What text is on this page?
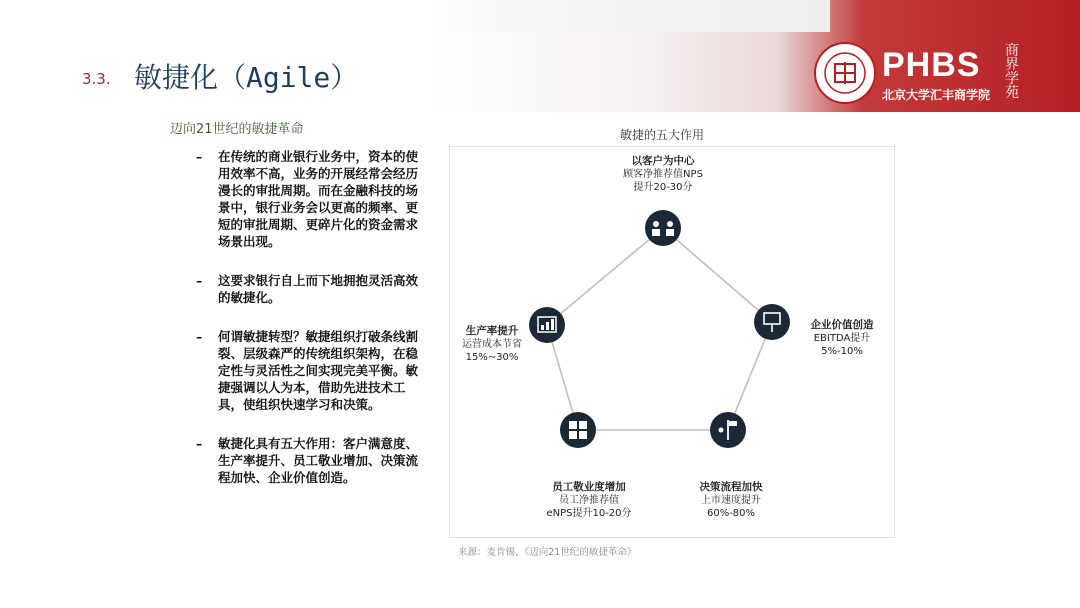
PHBS
北京大学汇丰商学院
商界学苑
3.3. 敏捷化（Agile）
迈向21世纪的敏捷革命
– 在传统的商业银行业务中，资本的使用效率不高，业务的开展经常会经历漫长的审批周期。而在金融科技的场景中，银行业务会以更高的频率、更短的审批周期、更碎片化的资金需求场景出现。
– 这要求银行自上而下地拥抱灵活高效的敏捷化。
– 何谓敏捷转型？敏捷组织打破条线割裂、层级森严的传统组织架构，在稳定性与灵活性之间实现完美平衡。敏捷强调以人为本，借助先进技术工具，使组织快速学习和决策。
– 敏捷化具有五大作用：客户满意度、生产率提升、员工敬业增加、决策流程加快、企业价值创造。
敏捷的五大作用
以客户为中心
顾客净推荐值NPS
提升20-30分
企业价值创造
EBITDA提升
5%-10%
决策流程加快
上市速度提升
60%-80%
员工敬业度增加
员工净推荐值
eNPS提升10-20分
生产率提升
运营成本节省
15%~30%
来源：麦肯锡，《迈向21世纪的敏捷革命》
